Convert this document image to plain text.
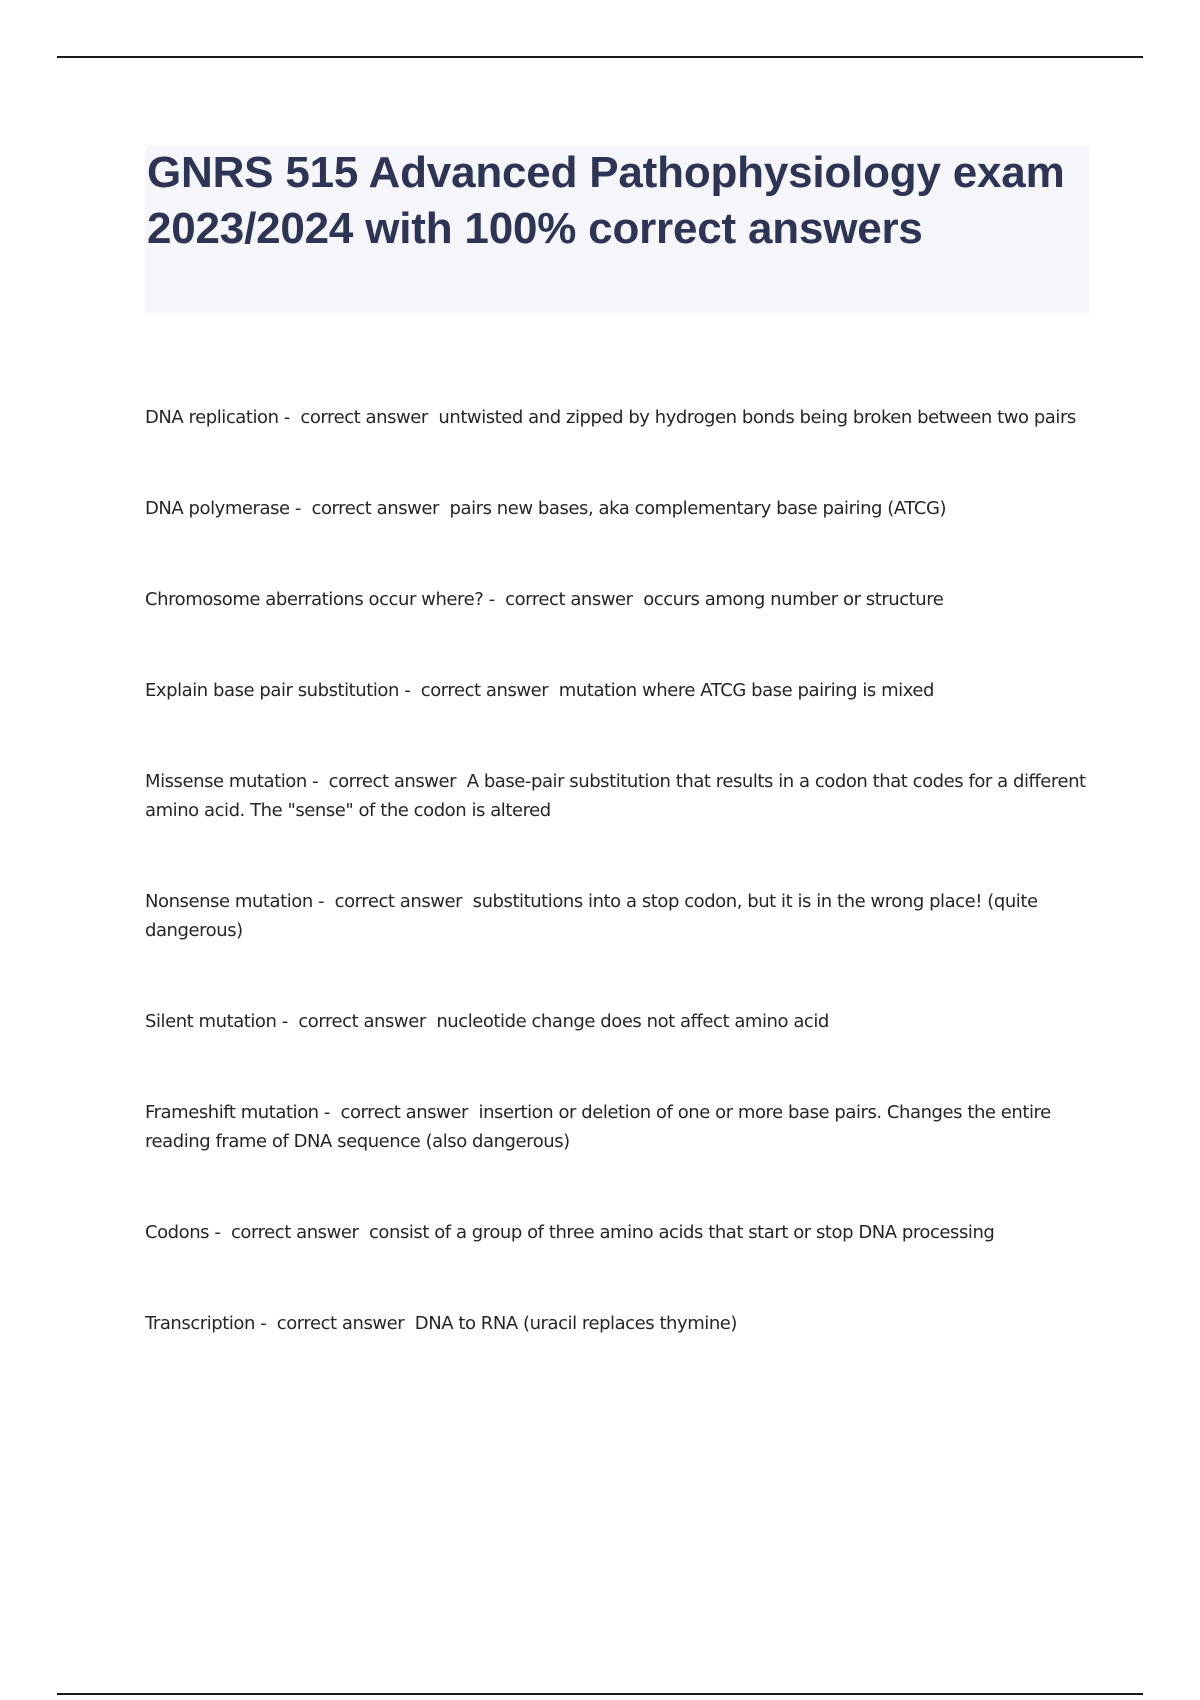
GNRS 515 Advanced Pathophysiology exam 2023/2024 with 100% correct answers
DNA replication -  correct answer  untwisted and zipped by hydrogen bonds being broken between two pairs
DNA polymerase -  correct answer  pairs new bases, aka complementary base pairing (ATCG)
Chromosome aberrations occur where? -  correct answer  occurs among number or structure
Explain base pair substitution -  correct answer  mutation where ATCG base pairing is mixed
Missense mutation -  correct answer  A base-pair substitution that results in a codon that codes for a different amino acid. The "sense" of the codon is altered
Nonsense mutation -  correct answer  substitutions into a stop codon, but it is in the wrong place! (quite dangerous)
Silent mutation -  correct answer  nucleotide change does not affect amino acid
Frameshift mutation -  correct answer  insertion or deletion of one or more base pairs. Changes the entire reading frame of DNA sequence (also dangerous)
Codons -  correct answer  consist of a group of three amino acids that start or stop DNA processing
Transcription -  correct answer  DNA to RNA (uracil replaces thymine)
